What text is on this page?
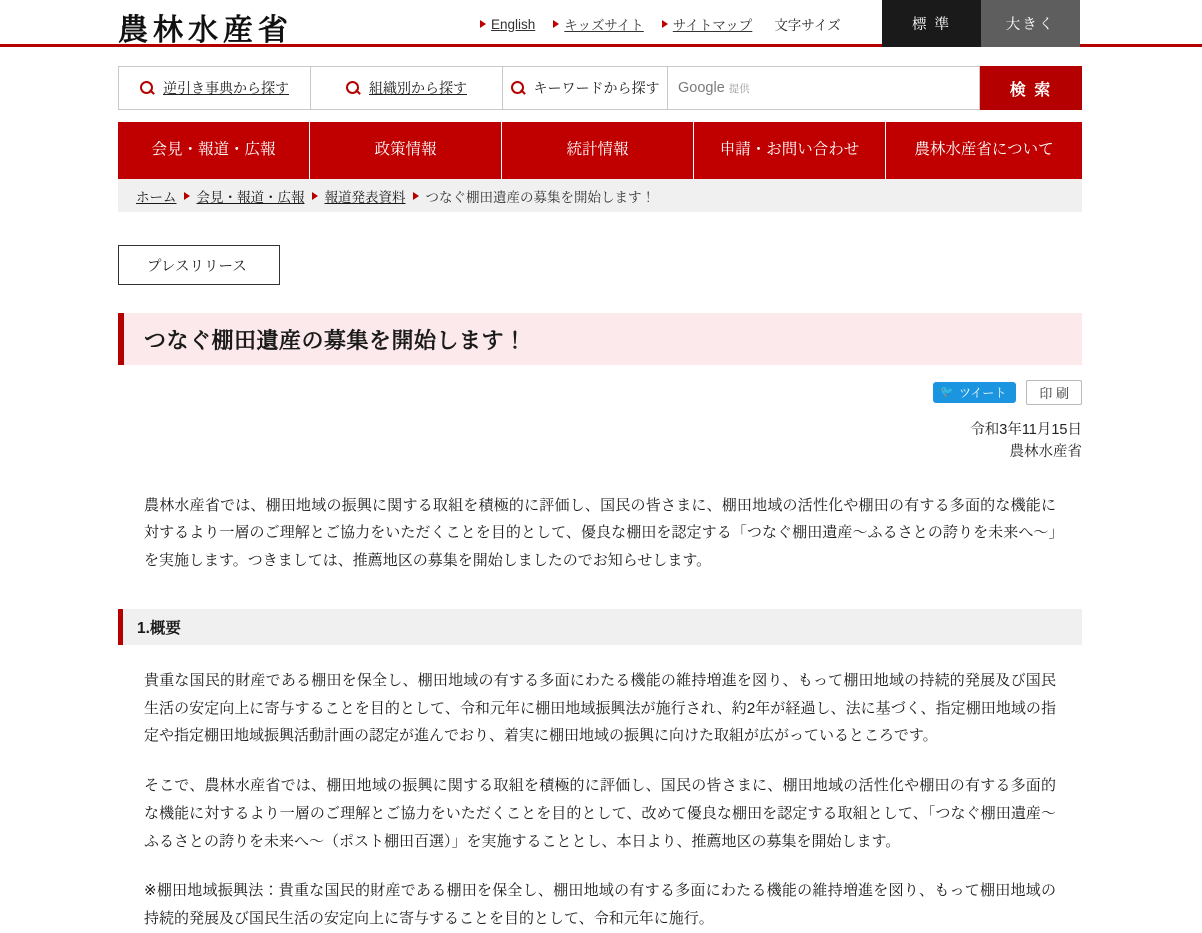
農林水産省	English キッズサイト サイトマップ 文字サイズ	標 準	大きく
逆引き事典から探す	組織別から探す	キーワードから探す Google 提供	検 索
会見・報道・広報	政策情報	統計情報	申請・お問い合わせ	農林水産省について
ホーム 会見・報道・広報 報道発表資料 つなぐ棚田遺産の募集を開始します！
プレスリリース
つなぐ棚田遺産の募集を開始します！
🐦 ツイート	印 刷
令和3年11月15日
農林水産省

農林水産省では、棚田地域の振興に関する取組を積極的に評価し、国民の皆さまに、棚田地域の活性化や棚田の有する多面的な機能に対するより一層のご理解とご協力をいただくことを目的として、優良な棚田を認定する「つなぐ棚田遺産～ふるさとの誇りを未来へ～」を実施します。つきましては、推薦地区の募集を開始しましたのでお知らせします。

1.概要

貴重な国民的財産である棚田を保全し、棚田地域の有する多面にわたる機能の維持増進を図り、もって棚田地域の持続的発展及び国民生活の安定向上に寄与することを目的として、令和元年に棚田地域振興法が施行され、約2年が経過し、法に基づく、指定棚田地域の指定や指定棚田地域振興活動計画の認定が進んでおり、着実に棚田地域の振興に向けた取組が広がっているところです。

そこで、農林水産省では、棚田地域の振興に関する取組を積極的に評価し、国民の皆さまに、棚田地域の活性化や棚田の有する多面的な機能に対するより一層のご理解とご協力をいただくことを目的として、改めて優良な棚田を認定する取組として、「つなぐ棚田遺産～ふるさとの誇りを未来へ～（ポスト棚田百選）」を実施することとし、本日より、推薦地区の募集を開始します。

※棚田地域振興法：貴重な国民的財産である棚田を保全し、棚田地域の有する多面にわたる機能の維持増進を図り、もって棚田地域の持続的発展及び国民生活の安定向上に寄与することを目的として、令和元年に施行。
